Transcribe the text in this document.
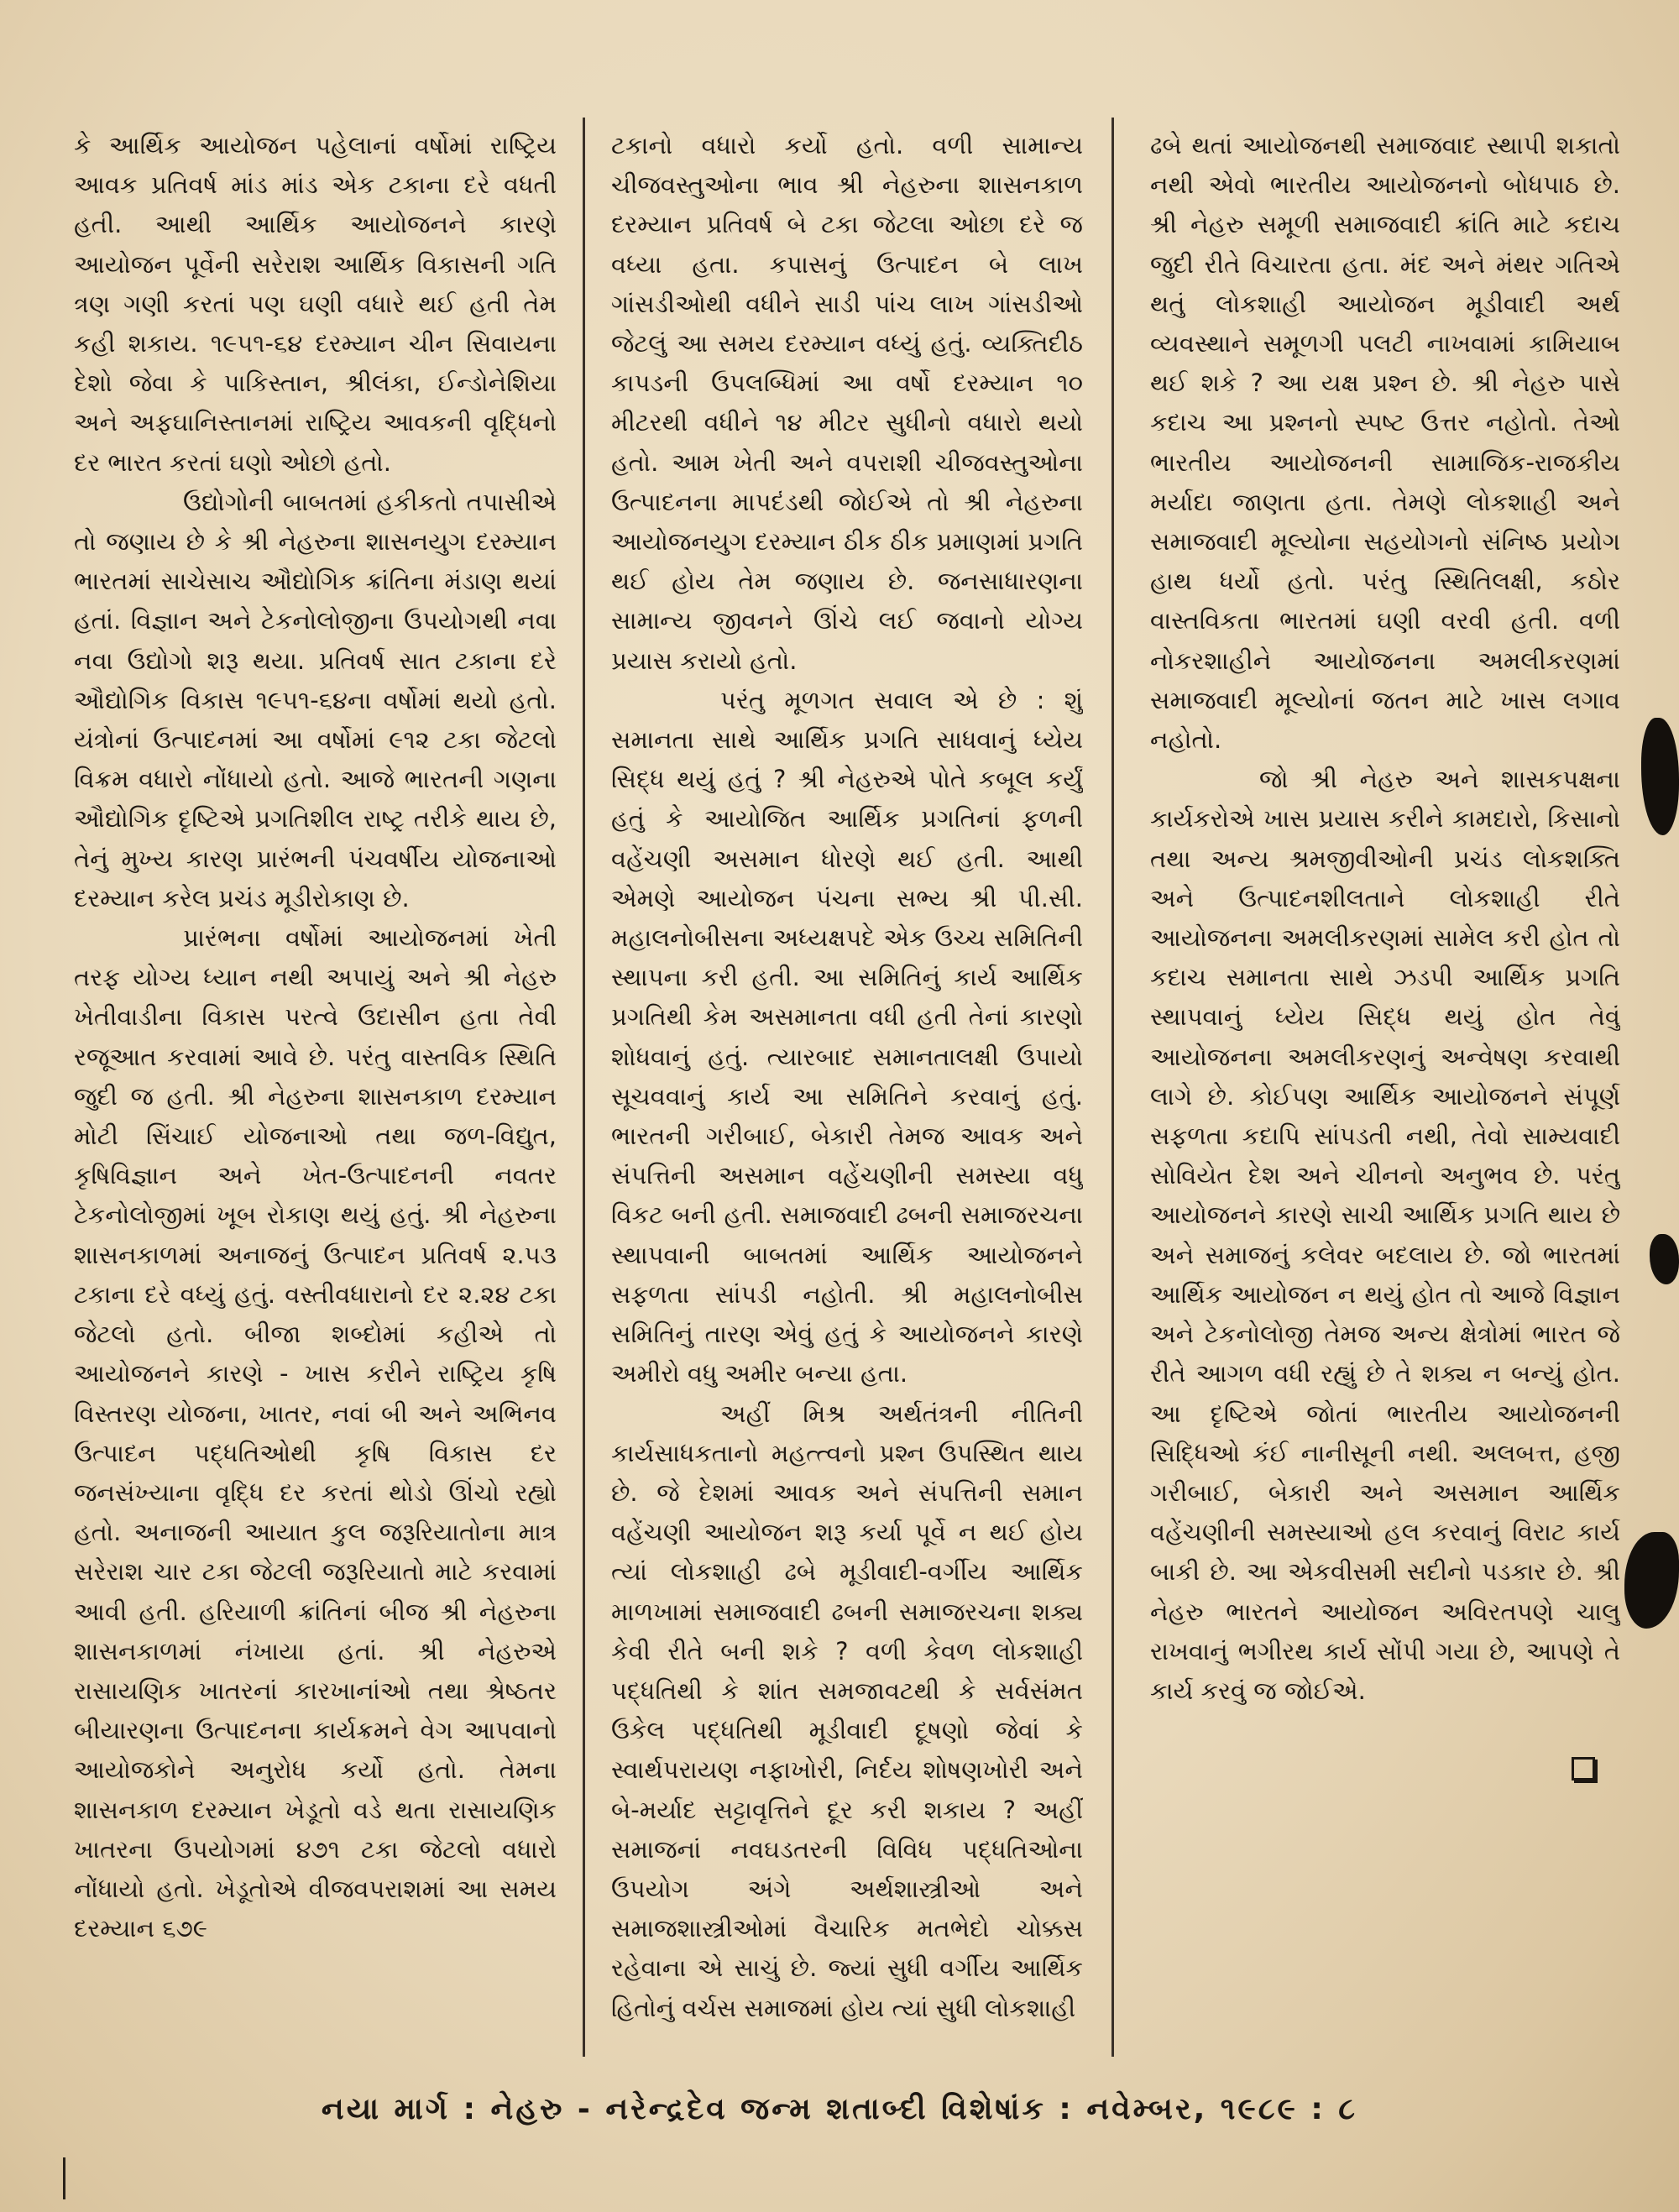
કે આર્થિક આયોજન પહેલાનાં વર્ષોમાં રાષ્ટ્રિય આવક પ્રતિવર્ષ માંડ માંડ એક ટકાના દરે વધતી હતી. આથી આર્થિક આયોજનને કારણે આયોજન પૂર્વેની સરેરાશ આર્થિક વિકાસની ગતિ ત્રણ ગણી કરતાં પણ ઘણી વધારે થઈ હતી તેમ કહી શકાય. ૧૯૫૧-૬૪ દરમ્યાન ચીન સિવાયના દેશો જેવા કે પાકિસ્તાન, શ્રીલંકા, ઈન્ડોનેશિયા અને અફઘાનિસ્તાનમાં રાષ્ટ્રિય આવકની વૃદ્ધિનો દર ભારત કરતાં ઘણો ઓછો હતો.

ઉદ્યોગોની બાબતમાં હકીકતો તપાસીએ તો જણાય છે કે શ્રી નેહરુના શાસનયુગ દરમ્યાન ભારતમાં સાચેસાચ ઔદ્યોગિક ક્રાંતિના મંડાણ થયાં હતાં. વિજ્ઞાન અને ટેકનોલોજીના ઉપયોગથી નવા નવા ઉદ્યોગો શરૂ થયા. પ્રતિવર્ષ સાત ટકાના દરે ઔદ્યોગિક વિકાસ ૧૯૫૧-૬૪ના વર્ષોમાં થયો હતો. યંત્રોનાં ઉત્પાદનમાં આ વર્ષોમાં ૯૧૨ ટકા જેટલો વિક્રમ વધારો નોંધાયો હતો. આજે ભારતની ગણના ઔદ્યોગિક દૃષ્ટિએ પ્રગતિશીલ રાષ્ટ્ર તરીકે થાય છે, તેનું મુખ્ય કારણ પ્રારંભની પંચવર્ષીય યોજનાઓ દરમ્યાન કરેલ પ્રચંડ મૂડીરોકાણ છે.

પ્રારંભના વર્ષોમાં આયોજનમાં ખેતી તરફ યોગ્ય ધ્યાન નથી અપાયું અને શ્રી નેહરુ ખેતીવાડીના વિકાસ પરત્વે ઉદાસીન હતા તેવી રજૂઆત કરવામાં આવે છે. પરંતુ વાસ્તવિક સ્થિતિ જુદી જ હતી. શ્રી નેહરુના શાસનકાળ દરમ્યાન મોટી સિંચાઈ યોજનાઓ તથા જળ-વિદ્યુત, કૃષિવિજ્ઞાન અને ખેત-ઉત્પાદનની નવતર ટેકનોલોજીમાં ખૂબ રોકાણ થયું હતું. શ્રી નેહરુના શાસનકાળમાં અનાજનું ઉત્પાદન પ્રતિવર્ષ ૨.૫૩ ટકાના દરે વધ્યું હતું. વસ્તીવધારાનો દર ૨.૨૪ ટકા જેટલો હતો. બીજા શબ્દોમાં કહીએ તો આયોજનને કારણે - ખાસ કરીને રાષ્ટ્રિય કૃષિ વિસ્તરણ યોજના, ખાતર, નવાં બી અને અભિનવ ઉત્પાદન પદ્ધતિઓથી કૃષિ વિકાસ દર જનસંખ્યાના વૃદ્ધિ દર કરતાં થોડો ઊંચો રહ્યો હતો. અનાજની આયાત કુલ જરૂરિયાતોના માત્ર સરેરાશ ચાર ટકા જેટલી જરૂરિયાતો માટે કરવામાં આવી હતી. હરિયાળી ક્રાંતિનાં બીજ શ્રી નેહરુના શાસનકાળમાં નંખાયા હતાં. શ્રી નેહરુએ રાસાયણિક ખાતરનાં કારખાનાંઓ તથા શ્રેષ્ઠતર બીયારણના ઉત્પાદનના કાર્યક્રમને વેગ આપવાનો આયોજકોને અનુરોધ કર્યો હતો. તેમના શાસનકાળ દરમ્યાન ખેડૂતો વડે થતા રાસાયણિક ખાતરના ઉપયોગમાં ૪૭૧ ટકા જેટલો વધારો નોંધાયો હતો. ખેડૂતોએ વીજવપરાશમાં આ સમય દરમ્યાન ૬૭૯

ટકાનો વધારો કર્યો હતો. વળી સામાન્ય ચીજવસ્તુઓના ભાવ શ્રી નેહરુના શાસનકાળ દરમ્યાન પ્રતિવર્ષ બે ટકા જેટલા ઓછા દરે જ વધ્યા હતા. કપાસનું ઉત્પાદન બે લાખ ગાંસડીઓથી વધીને સાડી પાંચ લાખ ગાંસડીઓ જેટલું આ સમય દરમ્યાન વધ્યું હતું. વ્યક્તિદીઠ કાપડની ઉપલબ્ધિમાં આ વર્ષો દરમ્યાન ૧૦ મીટરથી વધીને ૧૪ મીટર સુધીનો વધારો થયો હતો. આમ ખેતી અને વપરાશી ચીજવસ્તુઓના ઉત્પાદનના માપદંડથી જોઈએ તો શ્રી નેહરુના આયોજનયુગ દરમ્યાન ઠીક ઠીક પ્રમાણમાં પ્રગતિ થઈ હોય તેમ જણાય છે. જનસાધારણના સામાન્ય જીવનને ઊંચે લઈ જવાનો યોગ્ય પ્રયાસ કરાયો હતો.

પરંતુ મૂળગત સવાલ એ છે : શું સમાનતા સાથે આર્થિક પ્રગતિ સાધવાનું ધ્યેય સિદ્ધ થયું હતું ? શ્રી નેહરુએ પોતે કબૂલ કર્યું હતું કે આયોજિત આર્થિક પ્રગતિનાં ફળની વહેંચણી અસમાન ધોરણે થઈ હતી. આથી એમણે આયોજન પંચના સભ્ય શ્રી પી.સી. મહાલનોબીસના અધ્યક્ષપદે એક ઉચ્ચ સમિતિની સ્થાપના કરી હતી. આ સમિતિનું કાર્ય આર્થિક પ્રગતિથી કેમ અસમાનતા વધી હતી તેનાં કારણો શોધવાનું હતું. ત્યારબાદ સમાનતાલક્ષી ઉપાયો સૂચવવાનું કાર્ય આ સમિતિને કરવાનું હતું. ભારતની ગરીબાઈ, બેકારી તેમજ આવક અને સંપત્તિની અસમાન વહેંચણીની સમસ્યા વધુ વિકટ બની હતી. સમાજવાદી ઢબની સમાજરચના સ્થાપવાની બાબતમાં આર્થિક આયોજનને સફળતા સાંપડી નહોતી. શ્રી મહાલનોબીસ સમિતિનું તારણ એવું હતું કે આયોજનને કારણે અમીરો વધુ અમીર બન્યા હતા.

અહીં મિશ્ર અર્થતંત્રની નીતિની કાર્યસાધકતાનો મહત્ત્વનો પ્રશ્ન ઉપસ્થિત થાય છે. જે દેશમાં આવક અને સંપત્તિની સમાન વહેંચણી આયોજન શરૂ કર્યા પૂર્વે ન થઈ હોય ત્યાં લોકશાહી ઢબે મૂડીવાદી-વર્ગીય આર્થિક માળખામાં સમાજવાદી ઢબની સમાજરચના શક્ય કેવી રીતે બની શકે ? વળી કેવળ લોકશાહી પદ્ધતિથી કે શાંત સમજાવટથી કે સર્વસંમત ઉકેલ પદ્ધતિથી મૂડીવાદી દૂષણો જેવાં કે સ્વાર્થપરાયણ નફાખોરી, નિર્દય શોષણખોરી અને બે-મર્યાદ સટ્ટાવૃત્તિને દૂર કરી શકાય ? અહીં સમાજનાં નવઘડતરની વિવિધ પદ્ધતિઓના ઉપયોગ અંગે અર્થશાસ્ત્રીઓ અને સમાજશાસ્ત્રીઓમાં વૈચારિક મતભેદો ચોક્કસ રહેવાના એ સાચું છે. જ્યાં સુધી વર્ગીય આર્થિક હિતોનું વર્ચસ સમાજમાં હોય ત્યાં સુધી લોકશાહી

ઢબે થતાં આયોજનથી સમાજવાદ સ્થાપી શકાતો નથી એવો ભારતીય આયોજનનો બોધપાઠ છે. શ્રી નેહરુ સમૂળી સમાજવાદી ક્રાંતિ માટે કદાચ જુદી રીતે વિચારતા હતા. મંદ અને મંથર ગતિએ થતું લોકશાહી આયોજન મૂડીવાદી અર્થ વ્યવસ્થાને સમૂળગી પલટી નાખવામાં કામિયાબ થઈ શકે ? આ યક્ષ પ્રશ્ન છે. શ્રી નેહરુ પાસે કદાચ આ પ્રશ્નનો સ્પષ્ટ ઉત્તર નહોતો. તેઓ ભારતીય આયોજનની સામાજિક-રાજકીય મર્યાદા જાણતા હતા. તેમણે લોકશાહી અને સમાજવાદી મૂલ્યોના સહયોગનો સંનિષ્ઠ પ્રયોગ હાથ ધર્યો હતો. પરંતુ સ્થિતિલક્ષી, કઠોર વાસ્તવિકતા ભારતમાં ઘણી વરવી હતી. વળી નોકરશાહીને આયોજનના અમલીકરણમાં સમાજવાદી મૂલ્યોનાં જતન માટે ખાસ લગાવ નહોતો.

જો શ્રી નેહરુ અને શાસકપક્ષના કાર્યકરોએ ખાસ પ્રયાસ કરીને કામદારો, કિસાનો તથા અન્ય શ્રમજીવીઓની પ્રચંડ લોકશક્તિ અને ઉત્પાદનશીલતાને લોકશાહી રીતે આયોજનના અમલીકરણમાં સામેલ કરી હોત તો કદાચ સમાનતા સાથે ઝડપી આર્થિક પ્રગતિ સ્થાપવાનું ધ્યેય સિદ્ધ થયું હોત તેવું આયોજનના અમલીકરણનું અન્વેષણ કરવાથી લાગે છે. કોઈપણ આર્થિક આયોજનને સંપૂર્ણ સફળતા કદાપિ સાંપડતી નથી, તેવો સામ્યવાદી સોવિયેત દેશ અને ચીનનો અનુભવ છે. પરંતુ આયોજનને કારણે સાચી આર્થિક પ્રગતિ થાય છે અને સમાજનું કલેવર બદલાય છે. જો ભારતમાં આર્થિક આયોજન ન થયું હોત તો આજે વિજ્ઞાન અને ટેકનોલોજી તેમજ અન્ય ક્ષેત્રોમાં ભારત જે રીતે આગળ વધી રહ્યું છે તે શક્ય ન બન્યું હોત. આ દૃષ્ટિએ જોતાં ભારતીય આયોજનની સિદ્ધિઓ કંઈ નાનીસૂની નથી. અલબત્ત, હજી ગરીબાઈ, બેકારી અને અસમાન આર્થિક વહેંચણીની સમસ્યાઓ હલ કરવાનું વિરાટ કાર્ય બાકી છે. આ એકવીસમી સદીનો પડકાર છે. શ્રી નેહરુ ભારતને આયોજન અવિરતપણે ચાલુ રાખવાનું ભગીરથ કાર્ય સોંપી ગયા છે, આપણે તે કાર્ય કરવું જ જોઈએ.

નયા માર્ગ : નેહરુ - નરેન્દ્રદેવ જન્મ શતાબ્દી વિશેષાંક : નવેમ્બર, ૧૯૮૯ : ૮
